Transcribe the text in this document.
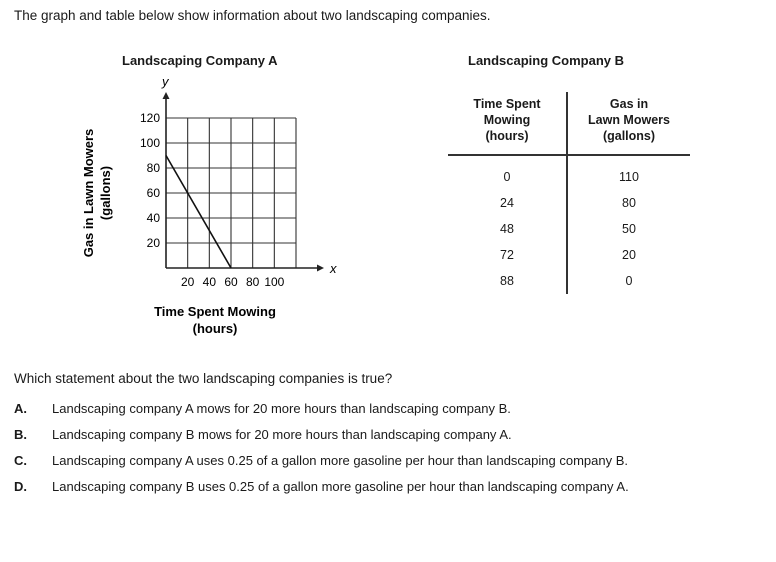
The graph and table below show information about two landscaping companies.
Landscaping Company A
x
y
20 40 60 80 100
20
40
60
80
100
120
Time Spent Mowing
(hours)
Gas in Lawn Mowers (gallons)
Landscaping Company B
Time Spent
Mowing
(hours)	Gas in
Lawn Mowers
(gallons)
0	110
24	80
48	50
72	20
88	0
Which statement about the two landscaping companies is true?
A.	Landscaping company A mows for 20 more hours than landscaping company B.
B.	Landscaping company B mows for 20 more hours than landscaping company A.
C.	Landscaping company A uses 0.25 of a gallon more gasoline per hour than landscaping company B.
D.	Landscaping company B uses 0.25 of a gallon more gasoline per hour than landscaping company A.
